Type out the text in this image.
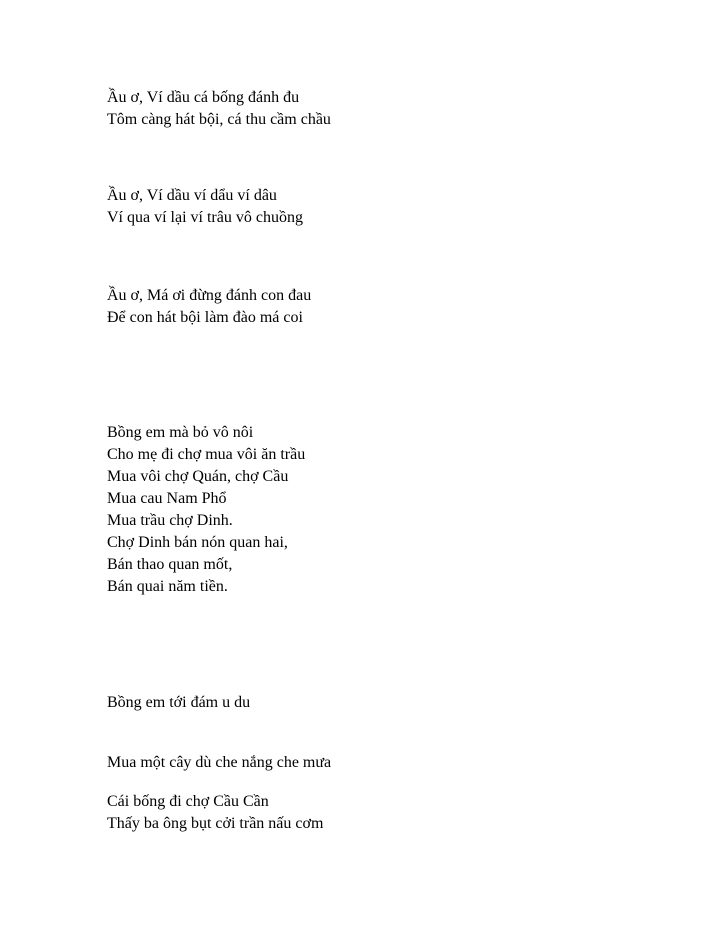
Ầu ơ, Ví dầu cá bống đánh đu
Tôm càng hát bội, cá thu cầm chầu
Ầu ơ, Ví dầu ví dẩu ví dâu
Ví qua ví lại ví trâu vô chuồng
Ầu ơ, Má ơi đừng đánh con đau
Để con hát bội làm đào má coi
Bồng em mà bỏ vô nôi
Cho mẹ đi chợ mua vôi ăn trầu
Mua vôi chợ Quán, chợ Cầu
Mua cau Nam Phổ
Mua trầu chợ Dinh.
Chợ Dinh bán nón quan hai,
Bán thao quan mốt,
Bán quai năm tiền.
Bồng em tới đám u du
Mua một cây dù che nắng che mưa
Cái bống đi chợ Cầu Cần
Thấy ba ông bụt cởi trần nấu cơm
